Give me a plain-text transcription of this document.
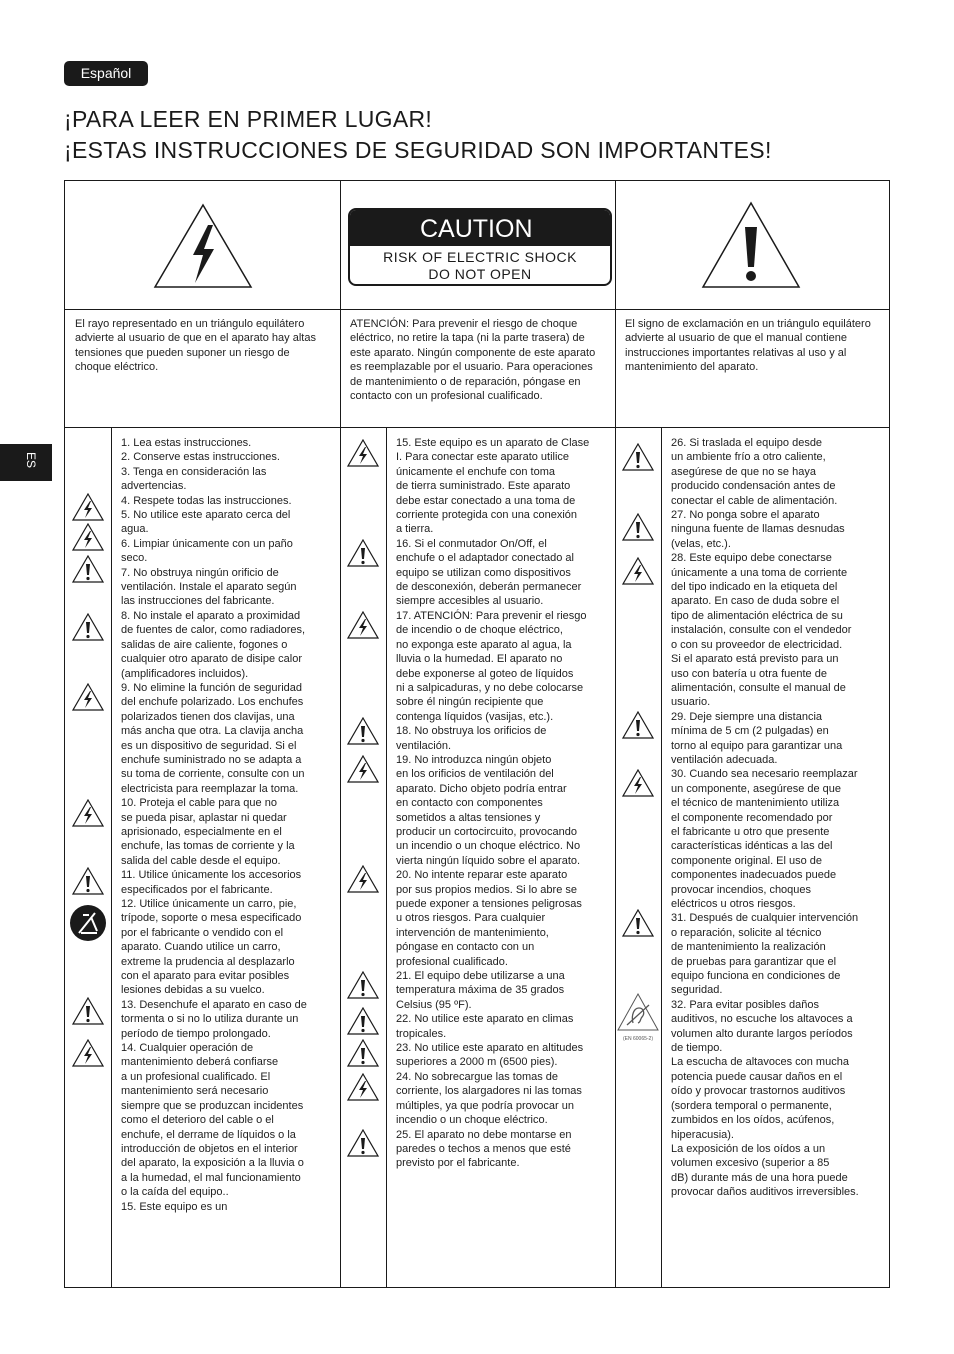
Español
ES
¡PARA LEER EN PRIMER LUGAR!
¡ESTAS INSTRUCCIONES DE SEGURIDAD SON IMPORTANTES!
CAUTION
RISK OF ELECTRIC SHOCK
DO NOT OPEN
El rayo representado en un triángulo equilátero advierte al usuario de que en el aparato hay altas tensiones que pueden suponer un riesgo de choque eléctrico.
ATENCIÓN: Para prevenir el riesgo de choque eléctrico, no retire la tapa (ni la parte trasera) de este aparato. Ningún componente de este aparato es reemplazable por el usuario. Para operaciones de mantenimiento o de reparación, póngase en contacto con un profesional cualificado.
El signo de exclamación en un triángulo equilátero advierte al usuario de que el manual contiene instrucciones importantes relativas al uso y al mantenimiento del aparato.
1. Lea estas instrucciones.
2. Conserve estas instrucciones.
3. Tenga en consideración las
advertencias.
4. Respete todas las instrucciones.
5. No utilice este aparato cerca del
agua.
6. Limpiar únicamente con un paño
seco.
7. No obstruya ningún orificio de
ventilación. Instale el aparato según
las instrucciones del fabricante.
8. No instale el aparato a proximidad
de fuentes de calor, como radiadores,
salidas de aire caliente, fogones o
cualquier otro aparato de disipe calor
(amplificadores incluidos).
9. No elimine la función de seguridad
del enchufe polarizado. Los enchufes
polarizados tienen dos clavijas, una
más ancha que otra. La clavija ancha
es un dispositivo de seguridad. Si el
enchufe suministrado no se adapta a
su toma de corriente, consulte con un
electricista para reemplazar la toma.
10. Proteja el cable para que no
se pueda pisar, aplastar ni quedar
aprisionado, especialmente en el
enchufe, las tomas de corriente y la
salida del cable desde el equipo.
11. Utilice únicamente los accesorios
especificados por el fabricante.
12. Utilice únicamente un carro, pie,
trípode, soporte o mesa especificado
por el fabricante o vendido con el
aparato. Cuando utilice un carro,
extreme la prudencia al desplazarlo
con el aparato para evitar posibles
lesiones debidas a su vuelco.
13. Desenchufe el aparato en caso de
tormenta o si no lo utiliza durante un
período de tiempo prolongado.
14. Cualquier operación de
mantenimiento deberá confiarse
a un profesional cualificado. El
mantenimiento será necesario
siempre que se produzcan incidentes
como el deterioro del cable o el
enchufe, el derrame de líquidos o la
introducción de objetos en el interior
del aparato, la exposición a la lluvia o
a la humedad, el mal funcionamiento
o la caída del equipo..
15. Este equipo es un
15. Este equipo es un aparato de Clase
I. Para conectar este aparato utilice
únicamente el enchufe con toma
de tierra suministrado. Este aparato
debe estar conectado a una toma de
corriente protegida con una conexión
a tierra.
16. Si el conmutador On/Off, el
enchufe o el adaptador conectado al
equipo se utilizan como dispositivos
de desconexión, deberán permanecer
siempre accesibles al usuario.
17. ATENCIÓN: Para prevenir el riesgo
de incendio o de choque eléctrico,
no exponga este aparato al agua, la
lluvia o la humedad. El aparato no
debe exponerse al goteo de líquidos
ni a salpicaduras, y no debe colocarse
sobre él ningún recipiente que
contenga líquidos (vasijas, etc.).
18. No obstruya los orificios de
ventilación.
19. No introduzca ningún objeto
en los orificios de ventilación del
aparato. Dicho objeto podría entrar
en contacto con componentes
sometidos a altas tensiones y
producir un cortocircuito, provocando
un incendio o un choque eléctrico. No
vierta ningún líquido sobre el aparato.
20. No intente reparar este aparato
por sus propios medios. Si lo abre se
puede exponer a tensiones peligrosas
u otros riesgos. Para cualquier
intervención de mantenimiento,
póngase en contacto con un
profesional cualificado.
21. El equipo debe utilizarse a una
temperatura máxima de 35 grados
Celsius (95 ºF).
22. No utilice este aparato en climas
tropicales.
23. No utilice este aparato en altitudes
superiores a 2000 m (6500 pies).
24. No sobrecargue las tomas de
corriente, los alargadores ni las tomas
múltiples, ya que podría provocar un
incendio o un choque eléctrico.
25. El aparato no debe montarse en
paredes o techos a menos que esté
previsto por el fabricante.
26. Si traslada el equipo desde
un ambiente frío a otro caliente,
asegúrese de que no se haya
producido condensación antes de
conectar el cable de alimentación.
27. No ponga sobre el aparato
ninguna fuente de llamas desnudas
(velas, etc.).
28. Este equipo debe conectarse
únicamente a una toma de corriente
del tipo indicado en la etiqueta del
aparato. En caso de duda sobre el
tipo de alimentación eléctrica de su
instalación, consulte con el vendedor
o con su proveedor de electricidad.
Si el aparato está previsto para un
uso con batería u otra fuente de
alimentación, consulte el manual de
usuario.
29. Deje siempre una distancia
mínima de 5 cm (2 pulgadas) en
torno al equipo para garantizar una
ventilación adecuada.
30. Cuando sea necesario reemplazar
un componente, asegúrese de que
el técnico de mantenimiento utiliza
el componente recomendado por
el fabricante u otro que presente
características idénticas a las del
componente original. El uso de
componentes inadecuados puede
provocar incendios, choques
eléctricos u otros riesgos.
31. Después de cualquier intervención
o reparación, solicite al técnico
de mantenimiento la realización
de pruebas para garantizar que el
equipo funciona en condiciones de
seguridad.
32. Para evitar posibles daños
auditivos, no escuche los altavoces a
volumen alto durante largos períodos
de tiempo.
La escucha de altavoces con mucha
potencia puede causar daños en el
oído y provocar trastornos auditivos
(sordera temporal o permanente,
zumbidos en los oídos, acúfenos,
hiperacusia).
La exposición de los oídos a un
volumen excesivo (superior a 85
dB) durante más de una hora puede
provocar daños auditivos irreversibles.
(EN 60065-2)
